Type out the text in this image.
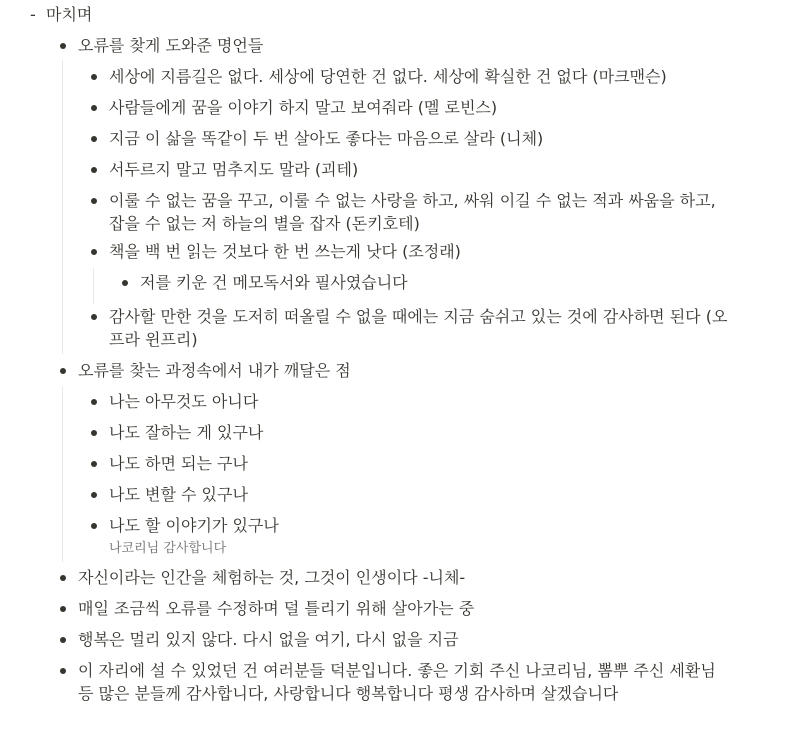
- 마치며
오류를 찾게 도와준 명언들
세상에 지름길은 없다. 세상에 당연한 건 없다. 세상에 확실한 건 없다 (마크맨슨)
사람들에게 꿈을 이야기 하지 말고 보여줘라 (멜 로빈스)
지금 이 삶을 똑같이 두 번 살아도 좋다는 마음으로 살라 (니체)
서두르지 말고 멈추지도 말라 (괴테)
이룰 수 없는 꿈을 꾸고, 이룰 수 없는 사랑을 하고, 싸워 이길 수 없는 적과 싸움을 하고,
잡을 수 없는 저 하늘의 별을 잡자 (돈키호테)
책을 백 번 읽는 것보다 한 번 쓰는게 낫다 (조정래)
저를 키운 건 메모독서와 필사였습니다
감사할 만한 것을 도저히 떠올릴 수 없을 때에는 지금 숨쉬고 있는 것에 감사하면 된다 (오
프라 윈프리)
오류를 찾는 과정속에서 내가 깨달은 점
나는 아무것도 아니다
나도 잘하는 게 있구나
나도 하면 되는 구나
나도 변할 수 있구나
나도 할 이야기가 있구나
나코리님 감사합니다
자신이라는 인간을 체험하는 것, 그것이 인생이다 -니체-
매일 조금씩 오류를 수정하며 덜 틀리기 위해 살아가는 중
행복은 멀리 있지 않다. 다시 없을 여기, 다시 없을 지금
이 자리에 설 수 있었던 건 여러분들 덕분입니다. 좋은 기회 주신 나코리님, 뽐뿌 주신 세환님
등 많은 분들께 감사합니다, 사랑합니다 행복합니다 평생 감사하며 살겠습니다
